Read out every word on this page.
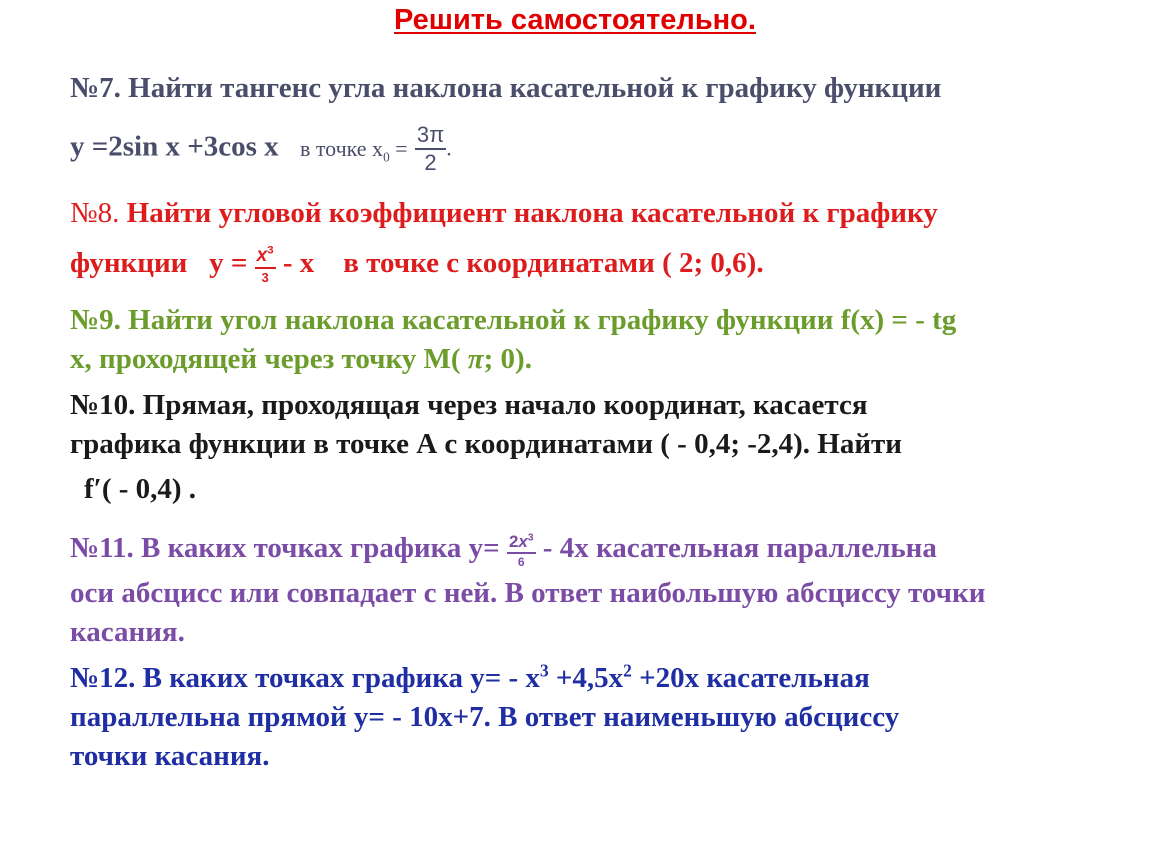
Решить самостоятельно.
№7. Найти тангенс угла наклона касательной к графику функции
y =2sin x +3cos x в точке $x_0 = \frac{3\pi}{2}$ .
№8. Найти угловой коэффициент наклона касательной к графику
функции $y = \frac{x^3}{3} - x$ в точке с координатами ( 2; 0,6).
№9. Найти угол наклона касательной к графику функции f(x) = - tg
x, проходящей через точку М( π; 0).
№10. Прямая, проходящая через начало координат, касается
графика функции в точке А с координатами ( - 0,4; -2,4). Найти
f′( - 0,4) .
№11. В каких точках графика $y= \frac{2x^3}{6} - 4x$ касательная параллельна
оси абсцисс или совпадает с ней. В ответ наибольшую абсциссу точки
касания.
№12. В каких точках графика $y= - x^3 +4,5x^2 +20x$ касательная
параллельна прямой y= - 10x+7. В ответ наименьшую абсциссу
точки касания.
